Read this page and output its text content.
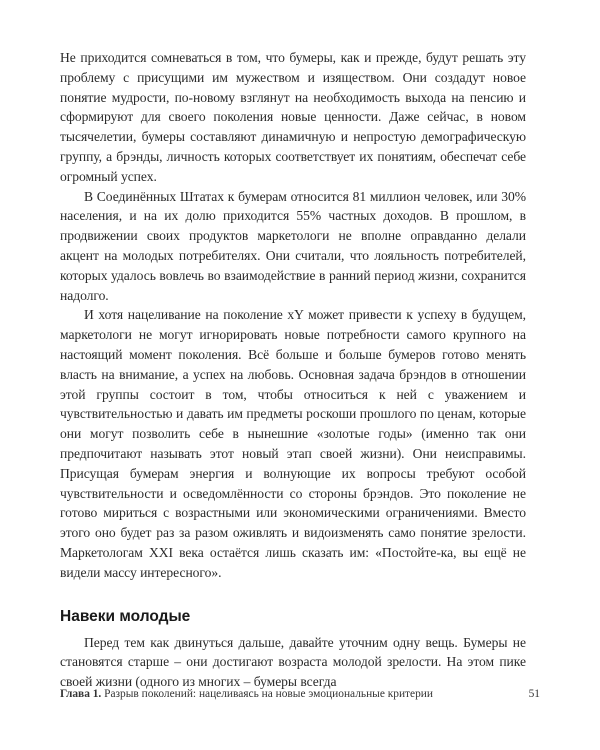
Не приходится сомневаться в том, что бумеры, как и прежде, будут решать эту проблему с присущими им мужеством и изяществом. Они создадут новое понятие мудрости, по-новому взглянут на необходимость выхода на пенсию и сформируют для своего поколения новые ценности. Даже сейчас, в новом тысячелетии, бумеры составляют динамичную и непростую демографическую группу, а брэнды, личность которых соответствует их понятиям, обеспечат себе огромный успех.

В Соединённых Штатах к бумерам относится 81 миллион человек, или 30% населения, и на их долю приходится 55% частных доходов. В прошлом, в продвижении своих продуктов маркетологи не вполне оправданно делали акцент на молодых потребителях. Они считали, что лояльность потребителей, которых удалось вовлечь во взаимодействие в ранний период жизни, сохранится надолго.

И хотя нацеливание на поколение хY может привести к успеху в будущем, маркетологи не могут игнорировать новые потребности самого крупного на настоящий момент поколения. Всё больше и больше бумеров готово менять власть на внимание, а успех на любовь. Основная задача брэндов в отношении этой группы состоит в том, чтобы относиться к ней с уважением и чувствительностью и давать им предметы роскоши прошлого по ценам, которые они могут позволить себе в нынешние «золотые годы» (именно так они предпочитают называть этот новый этап своей жизни). Они неисправимы. Присущая бумерам энергия и волнующие их вопросы требуют особой чувствительности и осведомлённости со стороны брэндов. Это поколение не готово мириться с возрастными или экономическими ограничениями. Вместо этого оно будет раз за разом оживлять и видоизменять само понятие зрелости. Маркетологам XXI века остаётся лишь сказать им: «Постойте-ка, вы ещё не видели массу интересного».

Навеки молодые

Перед тем как двинуться дальше, давайте уточним одну вещь. Бумеры не становятся старше – они достигают возраста молодой зрелости. На этом пике своей жизни (одного из многих – бумеры всегда

Глава 1. Разрыв поколений: нацеливаясь на новые эмоциональные критерии	51
